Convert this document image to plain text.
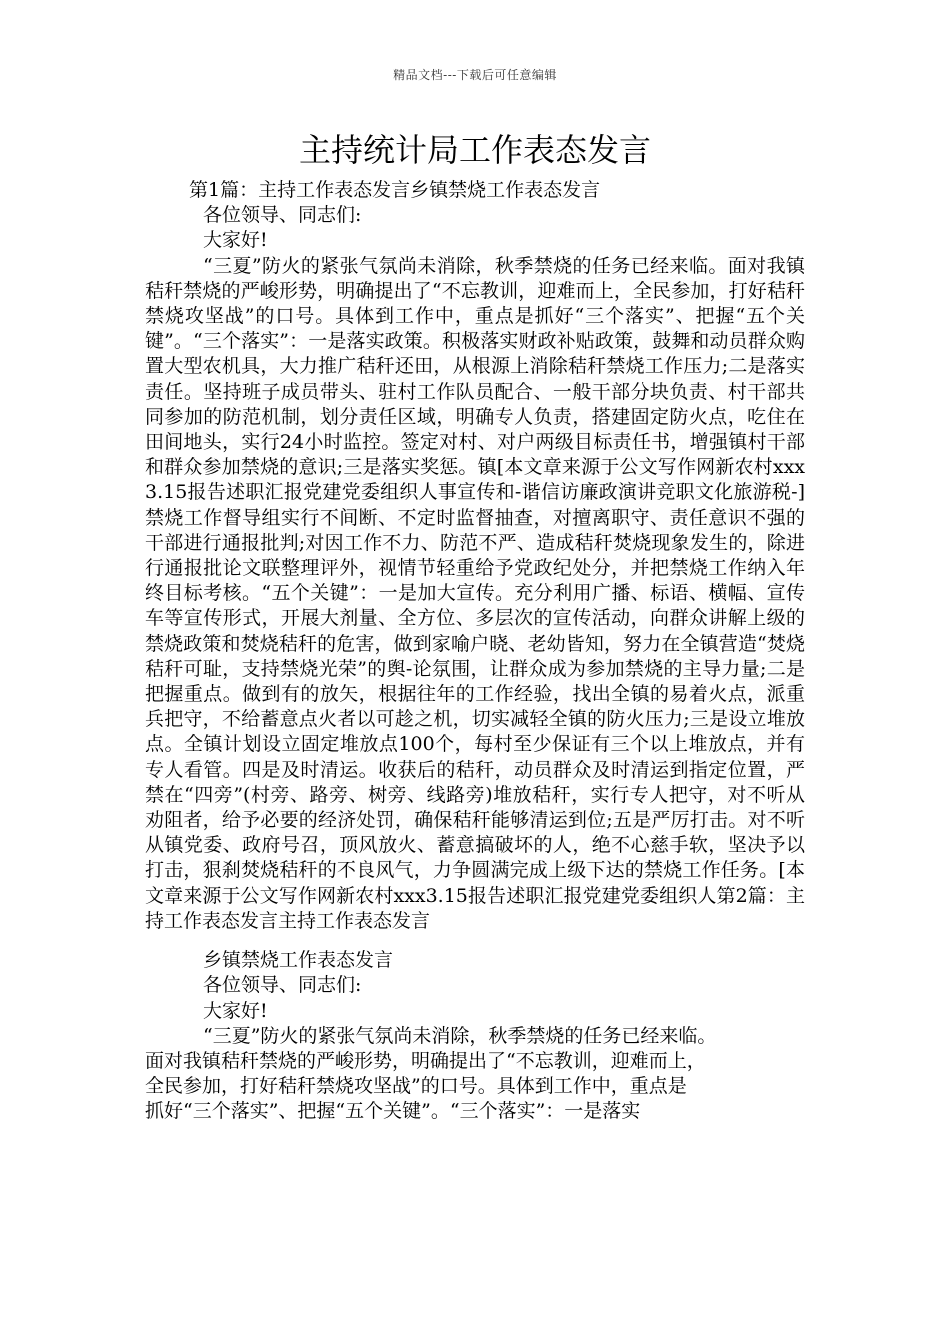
精品文档---下载后可任意编辑
主持统计局工作表态发言
第1篇：主持工作表态发言乡镇禁烧工作表态发言
各位领导、同志们:
大家好!

“三夏”防火的紧张气氛尚未消除，秋季禁烧的任务已经来临。面对我镇秸秆禁烧的严峻形势，明确提出了“不忘教训，迎难而上，全民参加，打好秸秆禁烧攻坚战”的口号。具体到工作中，重点是抓好“三个落实”、把握“五个关键”。“三个落实”：一是落实政策。积极落实财政补贴政策，鼓舞和动员群众购置大型农机具，大力推广秸秆还田，从根源上消除秸秆禁烧工作压力;二是落实责任。坚持班子成员带头、驻村工作队员配合、一般干部分块负责、村干部共同参加的防范机制，划分责任区域，明确专人负责，搭建固定防火点，吃住在田间地头，实行24小时监控。签定对村、对户两级目标责任书，增强镇村干部和群众参加禁烧的意识;三是落实奖惩。镇[本文章来源于公文写作网新农村xxx3.15报告述职汇报党建党委组织人事宣传和-谐信访廉政演讲竞职文化旅游税-]禁烧工作督导组实行不间断、不定时监督抽查，对擅离职守、责任意识不强的干部进行通报批判;对因工作不力、防范不严、造成秸秆焚烧现象发生的，除进行通报批论文联整理评外，视情节轻重给予党政纪处分，并把禁烧工作纳入年终目标考核。“五个关键”：一是加大宣传。充分利用广播、标语、横幅、宣传车等宣传形式，开展大剂量、全方位、多层次的宣传活动，向群众讲解上级的禁烧政策和焚烧秸秆的危害，做到家喻户晓、老幼皆知，努力在全镇营造“焚烧秸秆可耻，支持禁烧光荣”的舆-论氛围，让群众成为参加禁烧的主导力量;二是把握重点。做到有的放矢，根据往年的工作经验，找出全镇的易着火点，派重兵把守，不给蓄意点火者以可趁之机，切实减轻全镇的防火压力;三是设立堆放点。全镇计划设立固定堆放点100个，每村至少保证有三个以上堆放点，并有专人看管。四是及时清运。收获后的秸秆，动员群众及时清运到指定位置，严禁在“四旁”(村旁、路旁、树旁、线路旁)堆放秸秆，实行专人把守，对不听从劝阻者，给予必要的经济处罚，确保秸秆能够清运到位;五是严厉打击。对不听从镇党委、政府号召，顶风放火、蓄意搞破坏的人，绝不心慈手软，坚决予以打击，狠刹焚烧秸秆的不良风气，力争圆满完成上级下达的禁烧工作任务。[本文章来源于公文写作网新农村xxx3.15报告述职汇报党建党委组织人第2篇：主持工作表态发言主持工作表态发言

乡镇禁烧工作表态发言
各位领导、同志们:
大家好!
“三夏”防火的紧张气氛尚未消除，秋季禁烧的任务已经来临。
面对我镇秸秆禁烧的严峻形势，明确提出了“不忘教训，迎难而上，
全民参加，打好秸秆禁烧攻坚战”的口号。具体到工作中，重点是
抓好“三个落实”、把握“五个关键”。“三个落实”：一是落实
